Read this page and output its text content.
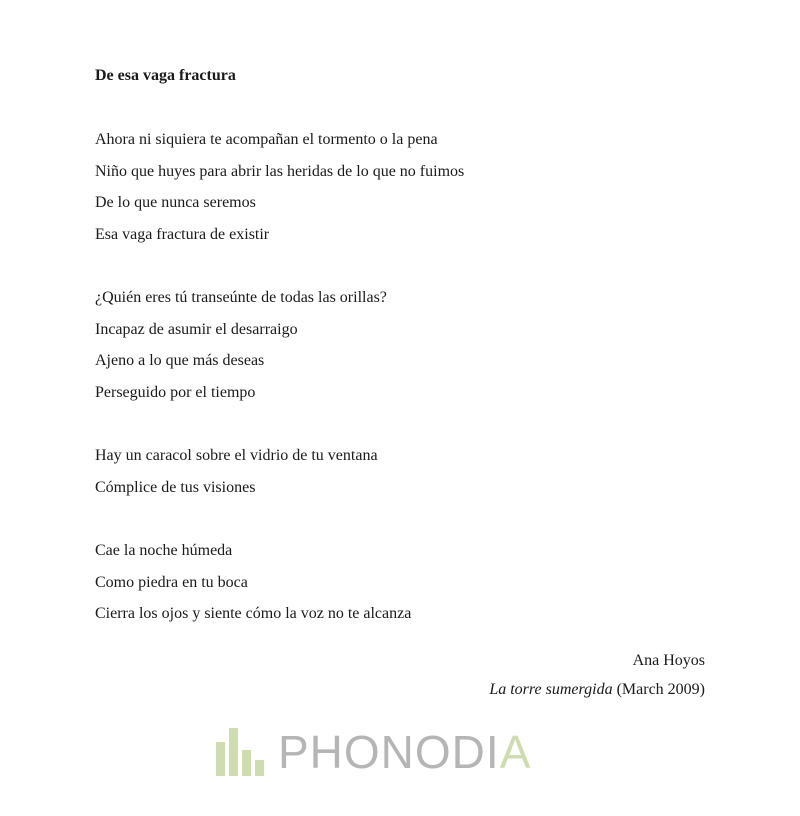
De esa vaga fractura
Ahora ni siquiera te acompañan el tormento o la pena
Niño que huyes para abrir las heridas de lo que no fuimos
De lo que nunca seremos
Esa vaga fractura de existir
¿Quién eres tú transeúnte de todas las orillas?
Incapaz de asumir el desarraigo
Ajeno a lo que más deseas
Perseguido por el tiempo
Hay un caracol sobre el vidrio de tu ventana
Cómplice de tus visiones
Cae la noche húmeda
Como piedra en tu boca
Cierra los ojos y siente cómo la voz no te alcanza
Ana Hoyos
La torre sumergida (March 2009)
PHONODIA
